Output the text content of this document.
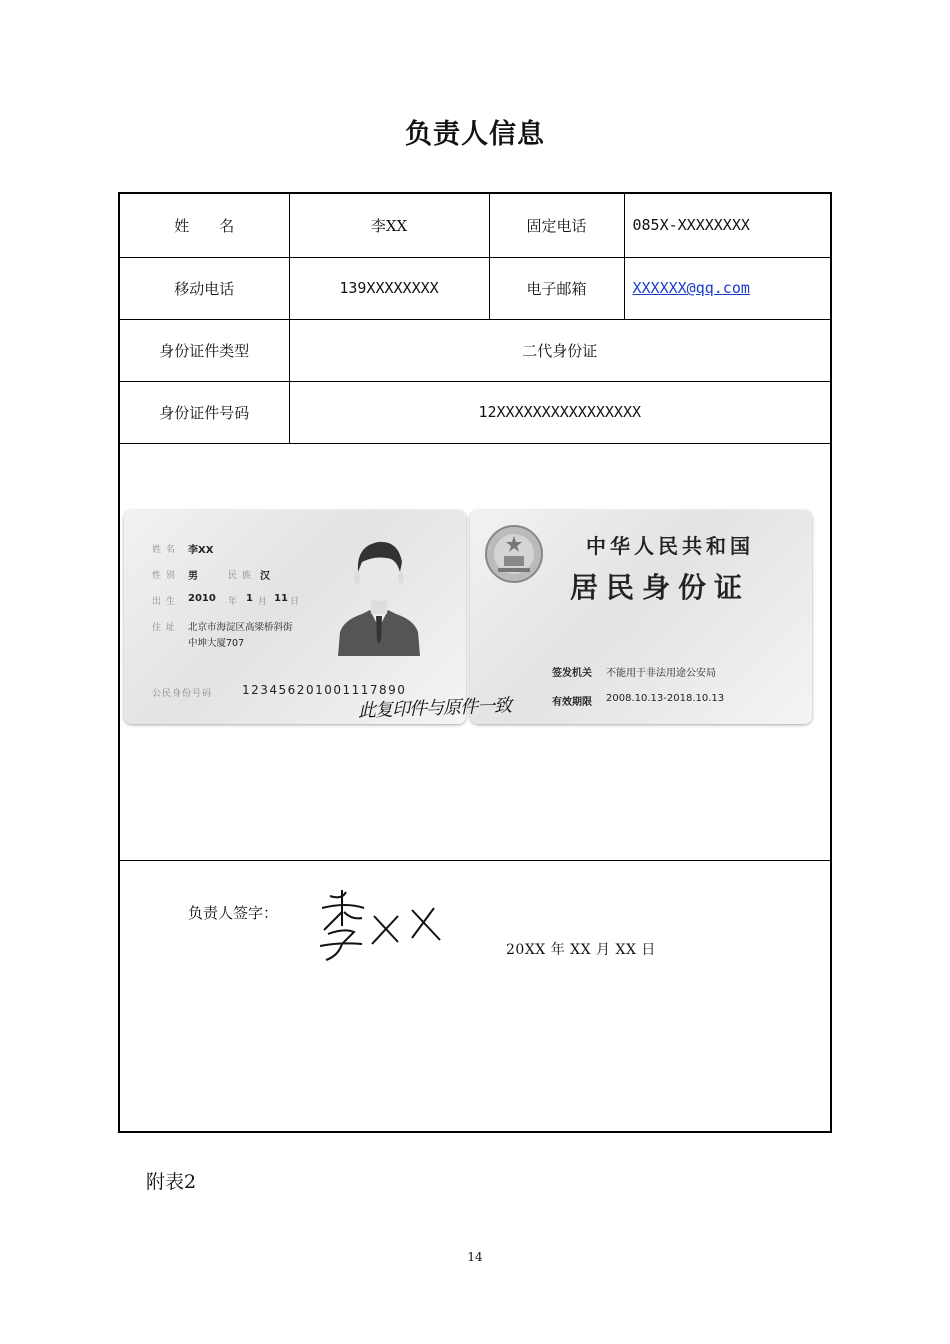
负责人信息
姓　　名	李XX	固定电话	085X-XXXXXXXX
移动电话	139XXXXXXXX	电子邮箱	XXXXXX@qq.com
身份证件类型	二代身份证		
身份证件号码	12XXXXXXXXXXXXXXXX		
姓 名 李XX
性 别 男	民 族 汉
出 生 2010 年 1 月 11 日
住 址 北京市海淀区高梁桥斜街
中坤大厦707
公民身份号码 123456201001117890
中华人民共和国
居民身份证
签发机关 不能用于非法用途公安局
有效期限 2008.10.13-2018.10.13
此复印件与原件一致
负责人签字：
20XX 年 XX 月 XX 日
附表2
14
